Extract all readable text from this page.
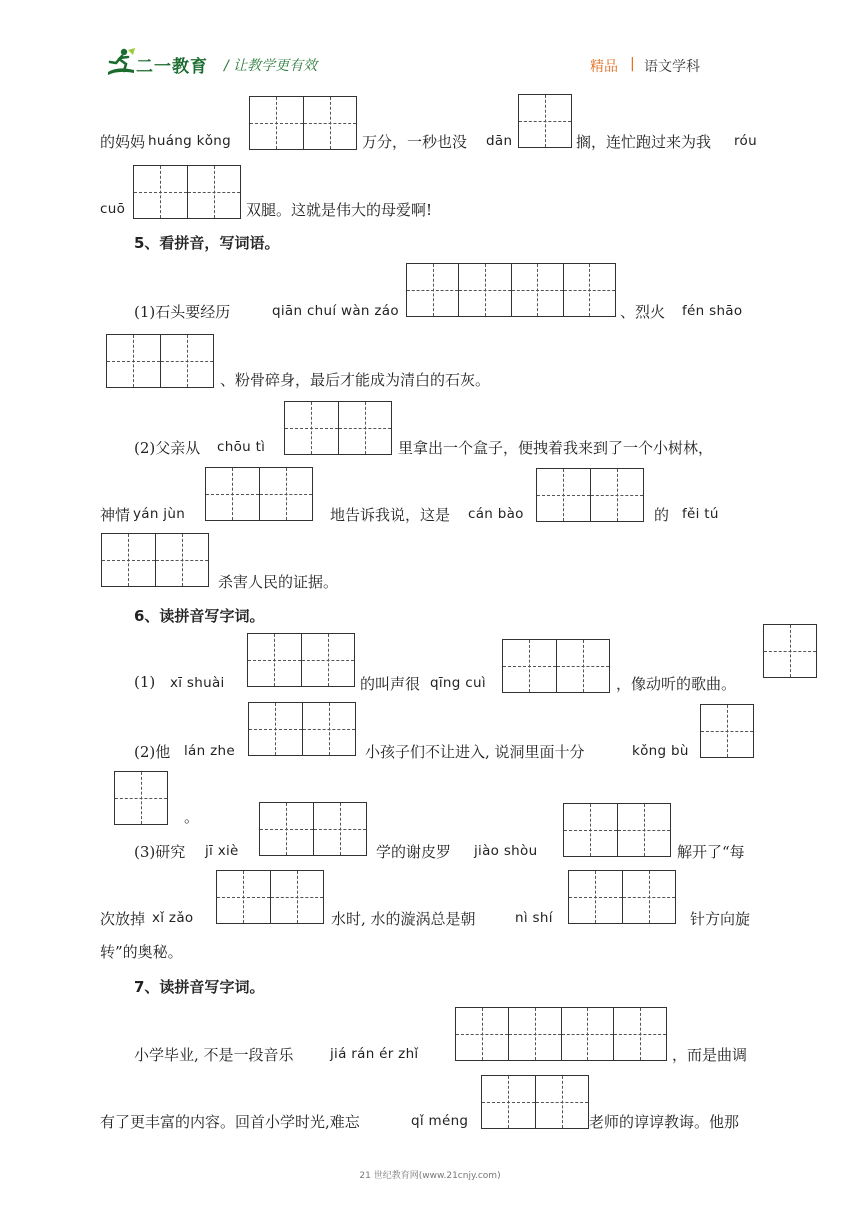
二一教育 / 让教学更有效	精品 | 语文学科
的妈妈 huáng kǒng	万分，一秒也没 dān	搁，连忙跑过来为我 róu
cuō	双腿。这就是伟大的母爱啊!
5、看拼音，写词语。
(1)石头要经历	qiān chuí wàn záo	、烈火 fén shāo
、粉骨碎身，最后才能成为清白的石灰。
(2)父亲从 chōu tì	里拿出一个盒子，便拽着我来到了一个小树林，
神情 yán jùn	地告诉我说，这是 cán bào	的 fěi tú
杀害人民的证据。
6、读拼音写字词。
(1) xī shuài	的叫声很 qīng cuì	，像动听的歌曲。
(2)他 lán zhe	小孩子们不让进入, 说洞里面十分	kǒng bù
。
(3)研究 jī xiè	学的谢皮罗 jiào shòu	解开了“每
次放掉 xǐ zǎo	水时, 水的漩涡总是朝	nì shí	针方向旋
转”的奥秘。
7、读拼音写字词。
小学毕业, 不是一段音乐	jiá rán ér zhǐ	，而是曲调
有了更丰富的内容。回首小学时光,难忘	qǐ méng	老师的谆谆教诲。他那
21 世纪教育网(www.21cnjy.com)
